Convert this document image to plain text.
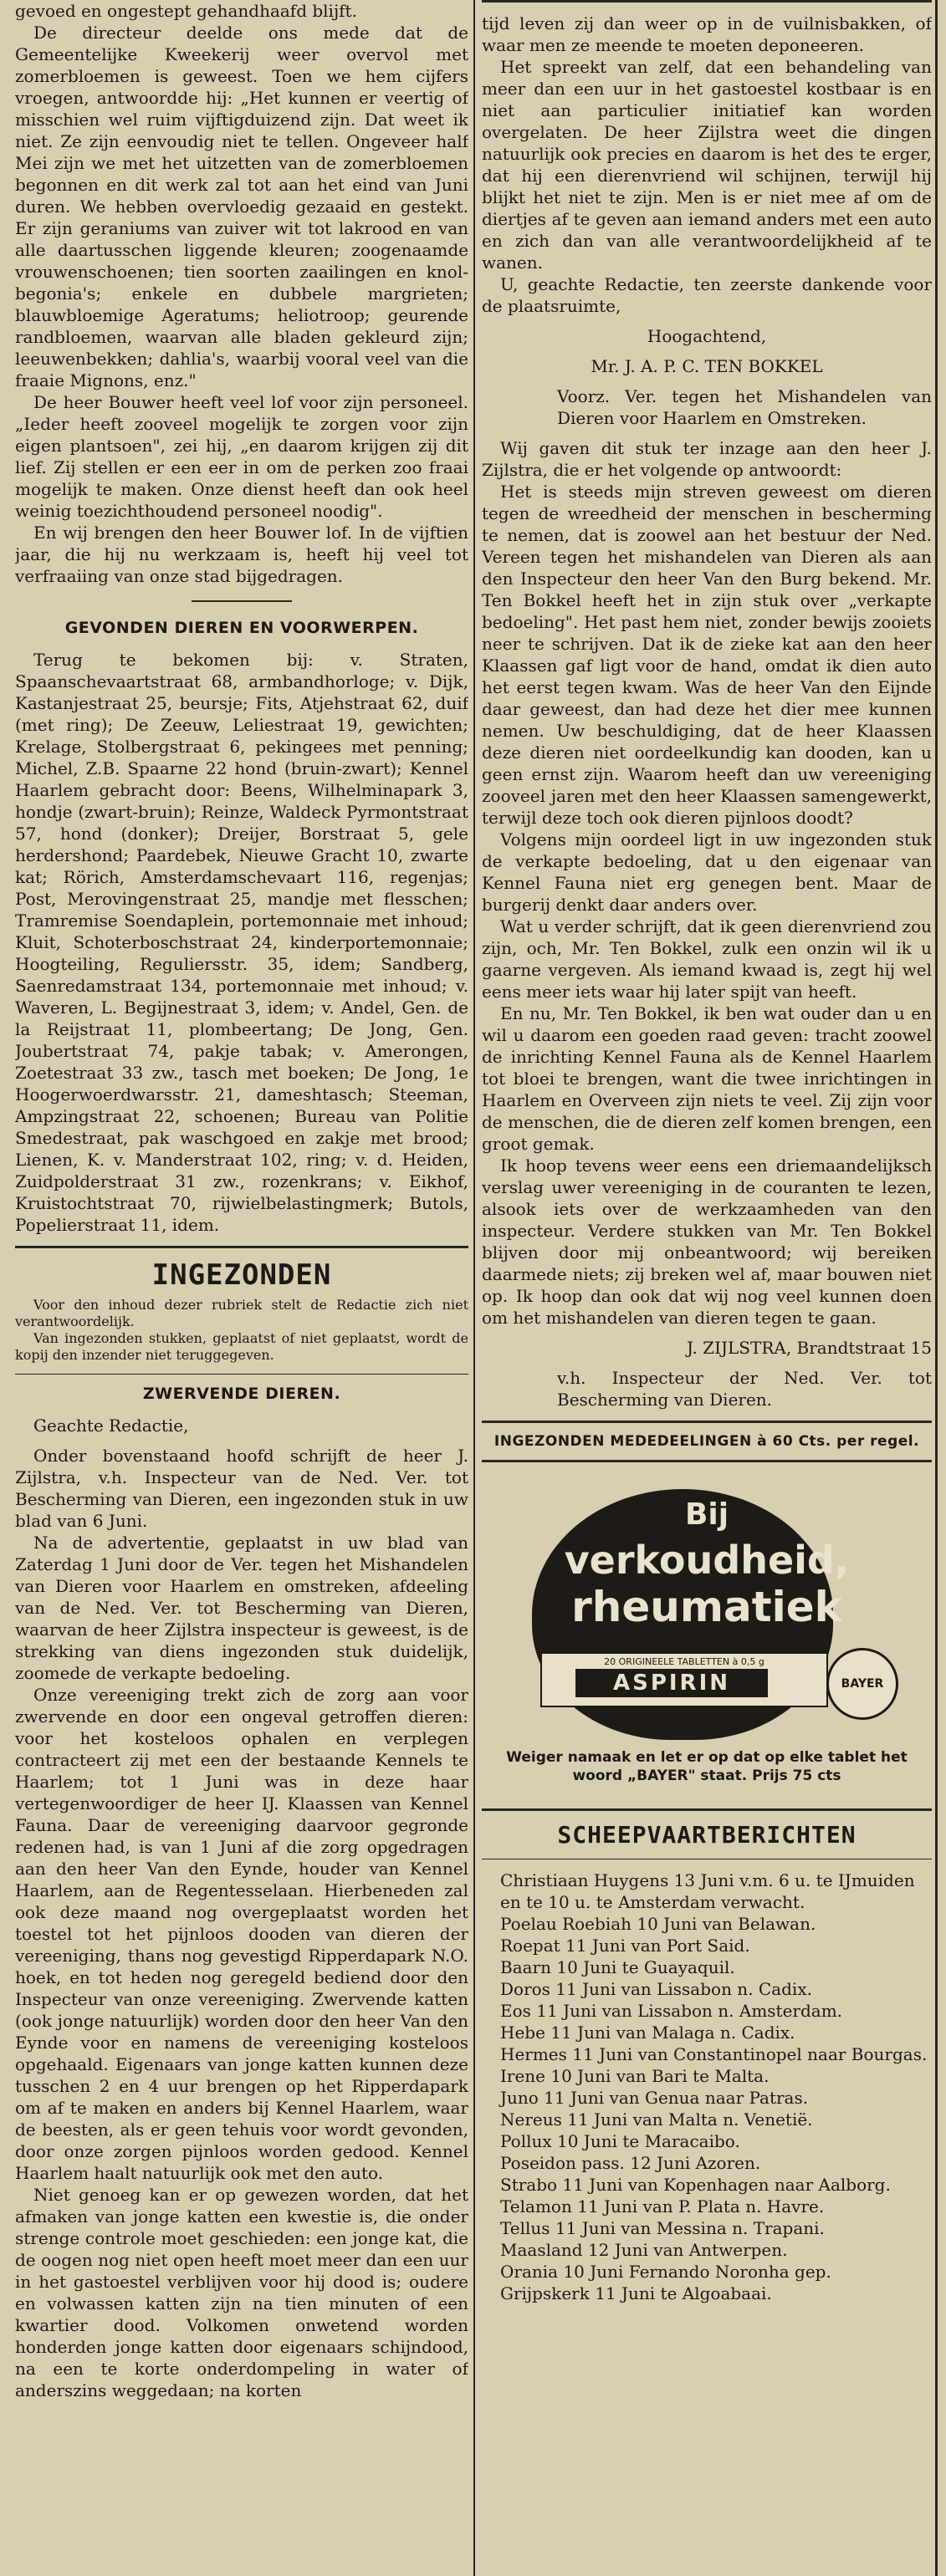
gevoed en ongestept gehandhaafd blijft.

De directeur deelde ons mede dat de Gemeentelijke Kweekerij weer overvol met zomerbloemen is geweest. Toen we hem cijfers vroegen, antwoordde hij: „Het kunnen er veertig of misschien wel ruim vijftigduizend zijn. Dat weet ik niet. Ze zijn eenvoudig niet te tellen. Ongeveer half Mei zijn we met het uitzetten van de zomerbloemen begonnen en dit werk zal tot aan het eind van Juni duren. We hebben overvloedig gezaaid en gestekt. Er zijn geraniums van zuiver wit tot lakrood en van alle daartusschen liggende kleuren; zoogenaamde vrouwenschoenen; tien soorten zaailingen en knol-begonia's; enkele en dubbele margrieten; blauwbloemige Ageratums; heliotroop; geurende randbloemen, waarvan alle bladen gekleurd zijn; leeuwenbekken; dahlia's, waarbij vooral veel van die fraaie Mignons, enz."

De heer Bouwer heeft veel lof voor zijn personeel. „Ieder heeft zooveel mogelijk te zorgen voor zijn eigen plantsoen", zei hij, „en daarom krijgen zij dit lief. Zij stellen er een eer in om de perken zoo fraai mogelijk te maken. Onze dienst heeft dan ook heel weinig toezichthoudend personeel noodig".

En wij brengen den heer Bouwer lof. In de vijftien jaar, die hij nu werkzaam is, heeft hij veel tot verfraaiing van onze stad bijgedragen.

GEVONDEN DIEREN EN VOORWERPEN.

Terug te bekomen bij: v. Straten, Spaanschevaartstraat 68, armbandhorloge; v. Dijk, Kastanjestraat 25, beursje; Fits, Atjehstraat 62, duif (met ring); De Zeeuw, Leliestraat 19, gewichten; Krelage, Stolbergstraat 6, pekingees met penning; Michel, Z.B. Spaarne 22 hond (bruin-zwart); Kennel Haarlem gebracht door: Beens, Wilhelminapark 3, hondje (zwart-bruin); Reinze, Waldeck Pyrmontstraat 57, hond (donker); Dreijer, Borstraat 5, gele herdershond; Paardebek, Nieuwe Gracht 10, zwarte kat; Rörich, Amsterdamschevaart 116, regenjas; Post, Merovingenstraat 25, mandje met flesschen; Tramremise Soendaplein, portemonnaie met inhoud; Kluit, Schoterboschstraat 24, kinderportemonnaie; Hoogteiling, Reguliersstr. 35, idem; Sandberg, Saenredamstraat 134, portemonnaie met inhoud; v. Waveren, L. Begijnestraat 3, idem; v. Andel, Gen. de la Reijstraat 11, plombeertang; De Jong, Gen. Joubertstraat 74, pakje tabak; v. Amerongen, Zoetestraat 33 zw., tasch met boeken; De Jong, 1e Hoogerwoerdwarsstr. 21, dameshtasch; Steeman, Ampzingstraat 22, schoenen; Bureau van Politie Smedestraat, pak waschgoed en zakje met brood; Lienen, K. v. Manderstraat 102, ring; v. d. Heiden, Zuidpolderstraat 31 zw., rozenkrans; v. Eikhof, Kruistochtstraat 70, rijwielbelastingmerk; Butols, Popelierstraat 11, idem.

INGEZONDEN

Voor den inhoud dezer rubriek stelt de Redactie zich niet verantwoordelijk.

Van ingezonden stukken, geplaatst of niet geplaatst, wordt de kopij den inzender niet teruggegeven.

ZWERVENDE DIEREN.

Geachte Redactie,

Onder bovenstaand hoofd schrijft de heer J. Zijlstra, v.h. Inspecteur van de Ned. Ver. tot Bescherming van Dieren, een ingezonden stuk in uw blad van 6 Juni.

Na de advertentie, geplaatst in uw blad van Zaterdag 1 Juni door de Ver. tegen het Mishandelen van Dieren voor Haarlem en omstreken, afdeeling van de Ned. Ver. tot Bescherming van Dieren, waarvan de heer Zijlstra inspecteur is geweest, is de strekking van diens ingezonden stuk duidelijk, zoomede de verkapte bedoeling.

Onze vereeniging trekt zich de zorg aan voor zwervende en door een ongeval getroffen dieren: voor het kosteloos ophalen en verplegen contracteert zij met een der bestaande Kennels te Haarlem; tot 1 Juni was in deze haar vertegenwoordiger de heer IJ. Klaassen van Kennel Fauna. Daar de vereeniging daarvoor gegronde redenen had, is van 1 Juni af die zorg opgedragen aan den heer Van den Eynde, houder van Kennel Haarlem, aan de Regentesselaan. Hierbeneden zal ook deze maand nog overgeplaatst worden het toestel tot het pijnloos dooden van dieren der vereeniging, thans nog gevestigd Ripperdapark N.O. hoek, en tot heden nog geregeld bediend door den Inspecteur van onze vereeniging. Zwervende katten (ook jonge natuurlijk) worden door den heer Van den Eynde voor en namens de vereeniging kosteloos opgehaald. Eigenaars van jonge katten kunnen deze tusschen 2 en 4 uur brengen op het Ripperdapark om af te maken en anders bij Kennel Haarlem, waar de beesten, als er geen tehuis voor wordt gevonden, door onze zorgen pijnloos worden gedood. Kennel Haarlem haalt natuurlijk ook met den auto.

Niet genoeg kan er op gewezen worden, dat het afmaken van jonge katten een kwestie is, die onder strenge controle moet geschieden: een jonge kat, die de oogen nog niet open heeft moet meer dan een uur in het gastoestel verblijven voor hij dood is; oudere en volwassen katten zijn na tien minuten of een kwartier dood. Volkomen onwetend worden honderden jonge katten door eigenaars schijndood, na een te korte onderdompeling in water of anderszins weggedaan; na korten

tijd leven zij dan weer op in de vuilnisbakken, of waar men ze meende te moeten deponeeren.

Het spreekt van zelf, dat een behandeling van meer dan een uur in het gastoestel kostbaar is en niet aan particulier initiatief kan worden overgelaten. De heer Zijlstra weet die dingen natuurlijk ook precies en daarom is het des te erger, dat hij een dierenvriend wil schijnen, terwijl hij blijkt het niet te zijn. Men is er niet mee af om de diertjes af te geven aan iemand anders met een auto en zich dan van alle verantwoordelijkheid af te wanen.

U, geachte Redactie, ten zeerste dankende voor de plaatsruimte,

Hoogachtend,

Mr. J. A. P. C. TEN BOKKEL

Voorz. Ver. tegen het Mishandelen van Dieren voor Haarlem en Omstreken.

Wij gaven dit stuk ter inzage aan den heer J. Zijlstra, die er het volgende op antwoordt:

Het is steeds mijn streven geweest om dieren tegen de wreedheid der menschen in bescherming te nemen, dat is zoowel aan het bestuur der Ned. Vereen tegen het mishandelen van Dieren als aan den Inspecteur den heer Van den Burg bekend. Mr. Ten Bokkel heeft het in zijn stuk over „verkapte bedoeling". Het past hem niet, zonder bewijs zooiets neer te schrijven. Dat ik de zieke kat aan den heer Klaassen gaf ligt voor de hand, omdat ik dien auto het eerst tegen kwam. Was de heer Van den Eijnde daar geweest, dan had deze het dier mee kunnen nemen. Uw beschuldiging, dat de heer Klaassen deze dieren niet oordeelkundig kan dooden, kan u geen ernst zijn. Waarom heeft dan uw vereeniging zooveel jaren met den heer Klaassen samengewerkt, terwijl deze toch ook dieren pijnloos doodt?

Volgens mijn oordeel ligt in uw ingezonden stuk de verkapte bedoeling, dat u den eigenaar van Kennel Fauna niet erg genegen bent. Maar de burgerij denkt daar anders over.

Wat u verder schrijft, dat ik geen dierenvriend zou zijn, och, Mr. Ten Bokkel, zulk een onzin wil ik u gaarne vergeven. Als iemand kwaad is, zegt hij wel eens meer iets waar hij later spijt van heeft.

En nu, Mr. Ten Bokkel, ik ben wat ouder dan u en wil u daarom een goeden raad geven: tracht zoowel de inrichting Kennel Fauna als de Kennel Haarlem tot bloei te brengen, want die twee inrichtingen in Haarlem en Overveen zijn niets te veel. Zij zijn voor de menschen, die de dieren zelf komen brengen, een groot gemak.

Ik hoop tevens weer eens een driemaandelijksch verslag uwer vereeniging in de couranten te lezen, alsook iets over de werkzaamheden van den inspecteur. Verdere stukken van Mr. Ten Bokkel blijven door mij onbeantwoord; wij bereiken daarmede niets; zij breken wel af, maar bouwen niet op. Ik hoop dan ook dat wij nog veel kunnen doen om het mishandelen van dieren tegen te gaan.

J. ZIJLSTRA, Brandtstraat 15

v.h. Inspecteur der Ned. Ver. tot Bescherming van Dieren.

INGEZONDEN MEDEDEELINGEN à 60 Cts. per regel.
Bij
verkoudheid,
rheumatiek
20 ORIGINEELE TABLETTEN à 0,5 g
ASPIRIN	BAYER
Weiger namaak en let er op dat op elke tablet het woord „BAYER" staat. Prijs 75 cts
SCHEEPVAARTBERICHTEN

Christiaan Huygens 13 Juni v.m. 6 u. te IJmuiden en te 10 u. te Amsterdam verwacht.

Poelau Roebiah 10 Juni van Belawan.

Roepat 11 Juni van Port Said.

Baarn 10 Juni te Guayaquil.

Doros 11 Juni van Lissabon n. Cadix.

Eos 11 Juni van Lissabon n. Amsterdam.

Hebe 11 Juni van Malaga n. Cadix.

Hermes 11 Juni van Constantinopel naar Bourgas.

Irene 10 Juni van Bari te Malta.

Juno 11 Juni van Genua naar Patras.

Nereus 11 Juni van Malta n. Venetië.

Pollux 10 Juni te Maracaibo.

Poseidon pass. 12 Juni Azoren.

Strabo 11 Juni van Kopenhagen naar Aalborg.

Telamon 11 Juni van P. Plata n. Havre.

Tellus 11 Juni van Messina n. Trapani.

Maasland 12 Juni van Antwerpen.

Orania 10 Juni Fernando Noronha gep.

Grijpskerk 11 Juni te Algoabaai.
